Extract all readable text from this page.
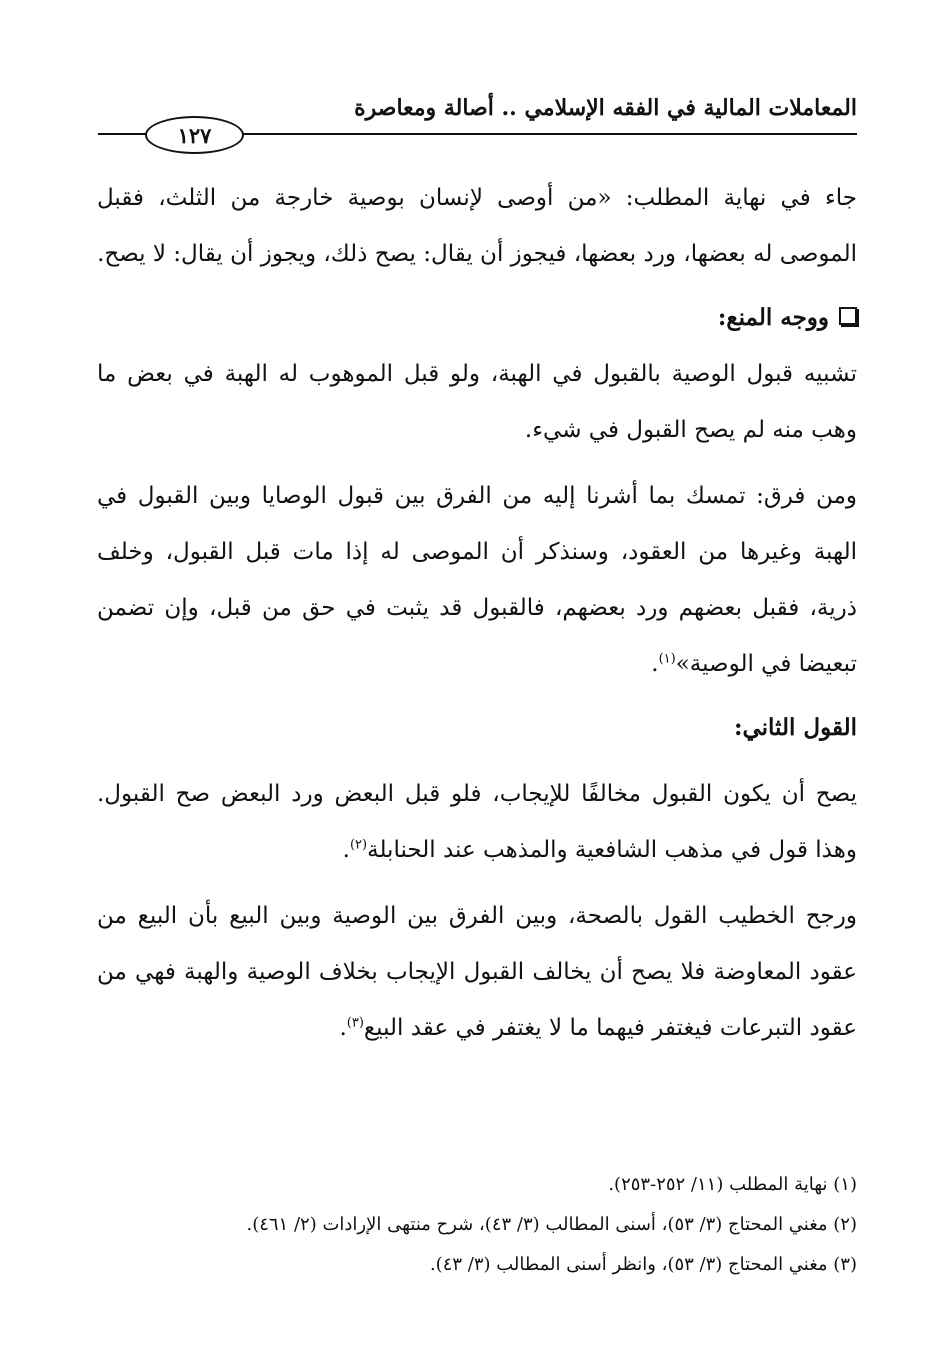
المعاملات المالية في الفقه الإسلامي .. أصالة ومعاصرة
١٢٧

جاء في نهاية المطلب: «من أوصى لإنسان بوصية خارجة من الثلث، فقبل الموصى له بعضها، ورد بعضها، فيجوز أن يقال: يصح ذلك، ويجوز أن يقال: لا يصح.

ووجه المنع:

تشبيه قبول الوصية بالقبول في الهبة، ولو قبل الموهوب له الهبة في بعض ما وهب منه لم يصح القبول في شيء.

ومن فرق: تمسك بما أشرنا إليه من الفرق بين قبول الوصايا وبين القبول في الهبة وغيرها من العقود، وسنذكر أن الموصى له إذا مات قبل القبول، وخلف ذرية، فقبل بعضهم ورد بعضهم، فالقبول قد يثبت في حق من قبل، وإن تضمن تبعيضا في الوصية»$^{(١)}$.

القول الثاني:

يصح أن يكون القبول مخالفًا للإيجاب، فلو قبل البعض ورد البعض صح القبول. وهذا قول في مذهب الشافعية والمذهب عند الحنابلة$^{(٢)}$.

ورجح الخطيب القول بالصحة، وبين الفرق بين الوصية وبين البيع بأن البيع من عقود المعاوضة فلا يصح أن يخالف القبول الإيجاب بخلاف الوصية والهبة فهي من عقود التبرعات فيغتفر فيهما ما لا يغتفر في عقد البيع$^{(٣)}$.

(١) نهاية المطلب (١١/ ٢٥٢-٢٥٣).
(٢) مغني المحتاج (٣/ ٥٣)، أسنى المطالب (٣/ ٤٣)، شرح منتهى الإرادات (٢/ ٤٦١).
(٣) مغني المحتاج (٣/ ٥٣)، وانظر أسنى المطالب (٣/ ٤٣).
